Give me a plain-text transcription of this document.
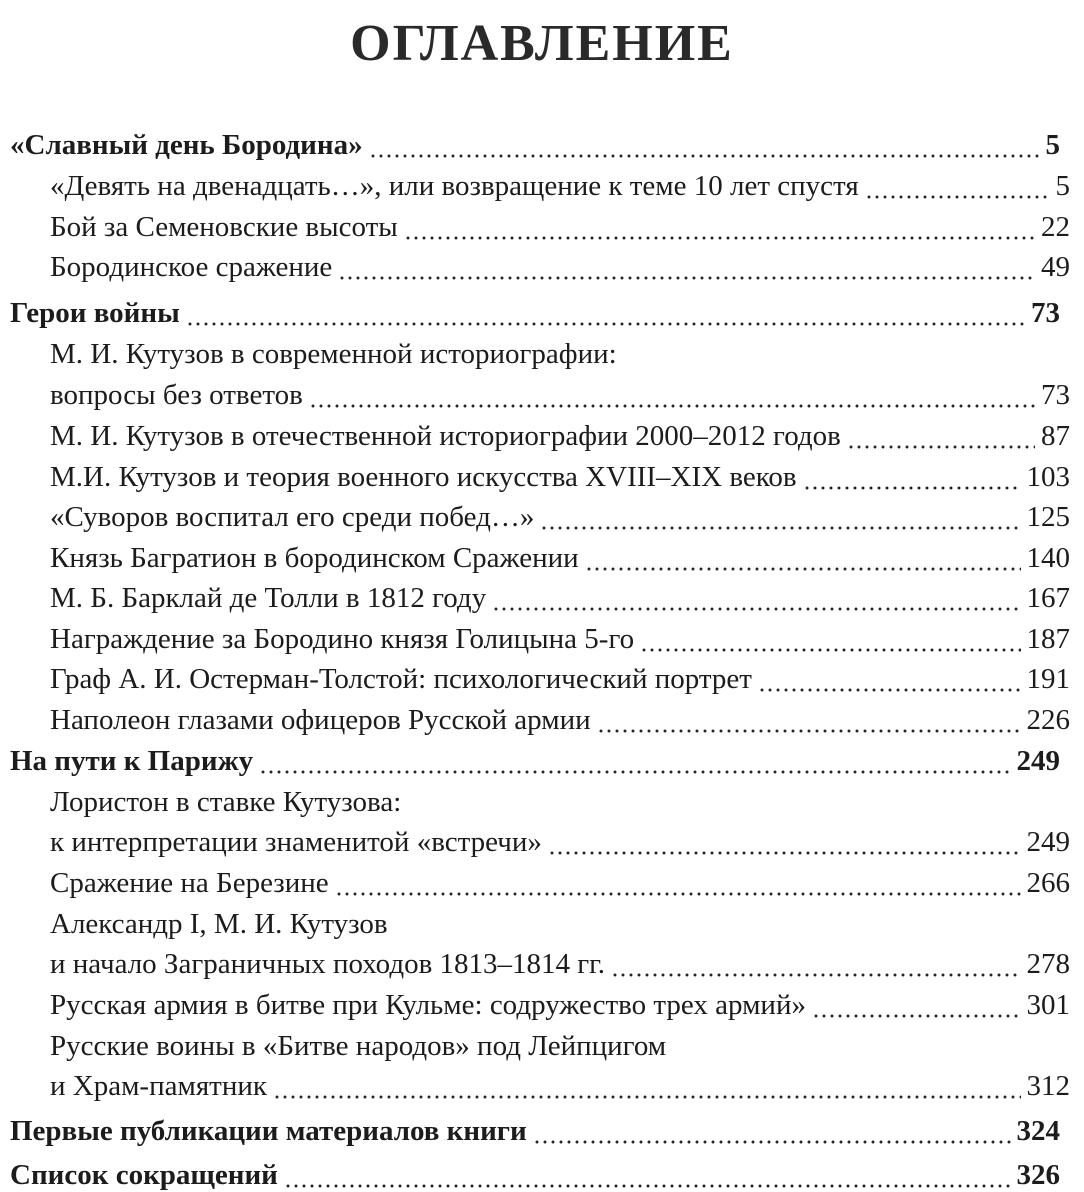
ОГЛАВЛЕНИЕ
«Славный день Бородина»	5
«Девять на двенадцать…», или возвращение к теме 10 лет спустя	5
Бой за Семеновские высоты	22
Бородинское сражение	49
Герои войны	73
М. И. Кутузов в современной историографии:
вопросы без ответов	73
М. И. Кутузов в отечественной историографии 2000–2012 годов	87
М.И. Кутузов и теория военного искусства XVIII–XIX веков	103
«Суворов воспитал его среди побед…»	125
Князь Багратион в бородинском Сражении	140
М. Б. Барклай де Толли в 1812 году	167
Награждение за Бородино князя Голицына 5-го	187
Граф А. И. Остерман-Толстой: психологический портрет	191
Наполеон глазами офицеров Русской армии	226
На пути к Парижу	249
Лористон в ставке Кутузова:
к интерпретации знаменитой «встречи»	249
Сражение на Березине	266
Александр I, М. И. Кутузов
и начало Заграничных походов 1813–1814 гг.	278
Русская армия в битве при Кульме: содружество трех армий»	301
Русские воины в «Битве народов» под Лейпцигом
и Храм-памятник	312
Первые публикации материалов книги	324
Список сокращений	326
